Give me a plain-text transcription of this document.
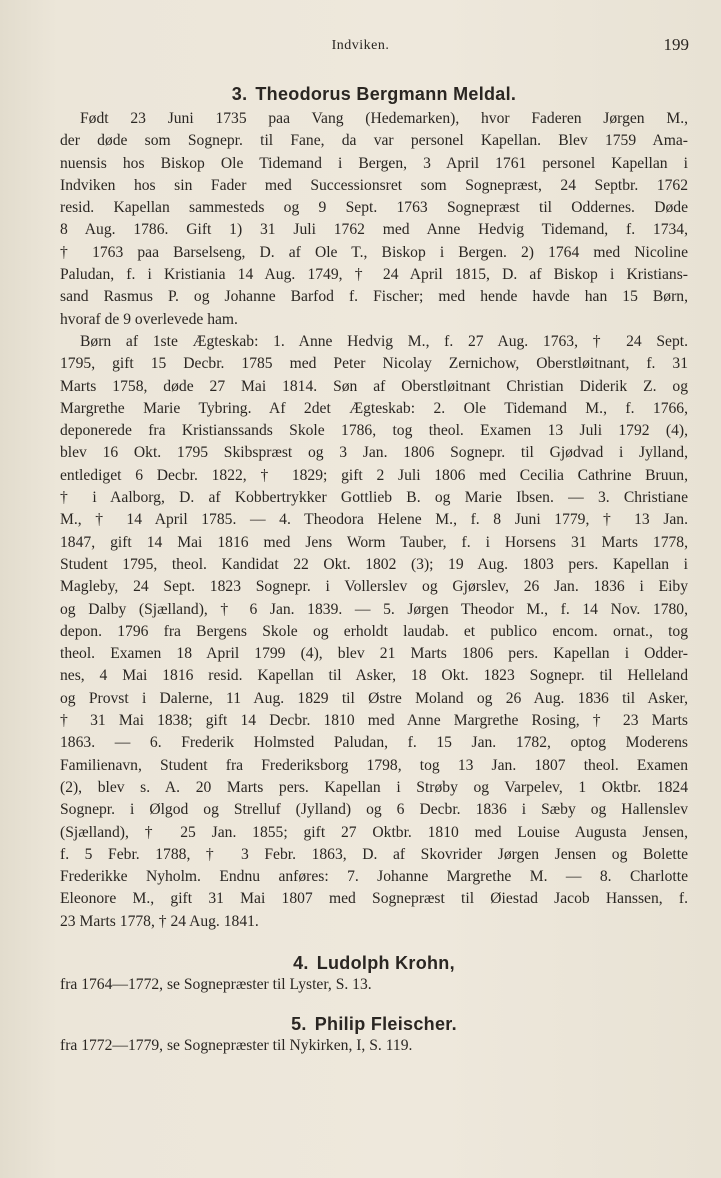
Indviken.	199
3. Theodorus Bergmann Meldal.
Født 23 Juni 1735 paa Vang (Hedemarken), hvor Faderen Jørgen M.,
der døde som Sognepr. til Fane, da var personel Kapellan. Blev 1759 Ama-
nuensis hos Biskop Ole Tidemand i Bergen, 3 April 1761 personel Kapellan i
Indviken hos sin Fader med Successionsret som Sognepræst, 24 Septbr. 1762
resid. Kapellan sammesteds og 9 Sept. 1763 Sognepræst til Oddernes. Døde
8 Aug. 1786. Gift 1) 31 Juli 1762 med Anne Hedvig Tidemand, f. 1734,
† 1763 paa Barselseng, D. af Ole T., Biskop i Bergen. 2) 1764 med Nicoline
Paludan, f. i Kristiania 14 Aug. 1749, † 24 April 1815, D. af Biskop i Kristians-
sand Rasmus P. og Johanne Barfod f. Fischer; med hende havde han 15 Børn,
hvoraf de 9 overlevede ham.
Børn af 1ste Ægteskab: 1. Anne Hedvig M., f. 27 Aug. 1763, † 24 Sept.
1795, gift 15 Decbr. 1785 med Peter Nicolay Zernichow, Oberstløitnant, f. 31
Marts 1758, døde 27 Mai 1814. Søn af Oberstløitnant Christian Diderik Z. og
Margrethe Marie Tybring. Af 2det Ægteskab: 2. Ole Tidemand M., f. 1766,
deponerede fra Kristianssands Skole 1786, tog theol. Examen 13 Juli 1792 (4),
blev 16 Okt. 1795 Skibspræst og 3 Jan. 1806 Sognepr. til Gjødvad i Jylland,
entlediget 6 Decbr. 1822, † 1829; gift 2 Juli 1806 med Cecilia Cathrine Bruun,
† i Aalborg, D. af Kobbertrykker Gottlieb B. og Marie Ibsen. — 3. Christiane
M., † 14 April 1785. — 4. Theodora Helene M., f. 8 Juni 1779, † 13 Jan.
1847, gift 14 Mai 1816 med Jens Worm Tauber, f. i Horsens 31 Marts 1778,
Student 1795, theol. Kandidat 22 Okt. 1802 (3); 19 Aug. 1803 pers. Kapellan i
Magleby, 24 Sept. 1823 Sognepr. i Vollerslev og Gjørslev, 26 Jan. 1836 i Eiby
og Dalby (Sjælland), † 6 Jan. 1839. — 5. Jørgen Theodor M., f. 14 Nov. 1780,
depon. 1796 fra Bergens Skole og erholdt laudab. et publico encom. ornat., tog
theol. Examen 18 April 1799 (4), blev 21 Marts 1806 pers. Kapellan i Odder-
nes, 4 Mai 1816 resid. Kapellan til Asker, 18 Okt. 1823 Sognepr. til Helleland
og Provst i Dalerne, 11 Aug. 1829 til Østre Moland og 26 Aug. 1836 til Asker,
† 31 Mai 1838; gift 14 Decbr. 1810 med Anne Margrethe Rosing, † 23 Marts
1863. — 6. Frederik Holmsted Paludan, f. 15 Jan. 1782, optog Moderens
Familienavn, Student fra Frederiksborg 1798, tog 13 Jan. 1807 theol. Examen
(2), blev s. A. 20 Marts pers. Kapellan i Strøby og Varpelev, 1 Oktbr. 1824
Sognepr. i Ølgod og Strelluf (Jylland) og 6 Decbr. 1836 i Sæby og Hallenslev
(Sjælland), † 25 Jan. 1855; gift 27 Oktbr. 1810 med Louise Augusta Jensen,
f. 5 Febr. 1788, † 3 Febr. 1863, D. af Skovrider Jørgen Jensen og Bolette
Frederikke Nyholm. Endnu anføres: 7. Johanne Margrethe M. — 8. Charlotte
Eleonore M., gift 31 Mai 1807 med Sognepræst til Øiestad Jacob Hanssen, f.
23 Marts 1778, † 24 Aug. 1841.
4. Ludolph Krohn,
fra 1764—1772, se Sognepræster til Lyster, S. 13.
5. Philip Fleischer.
fra 1772—1779, se Sognepræster til Nykirken, I, S. 119.
